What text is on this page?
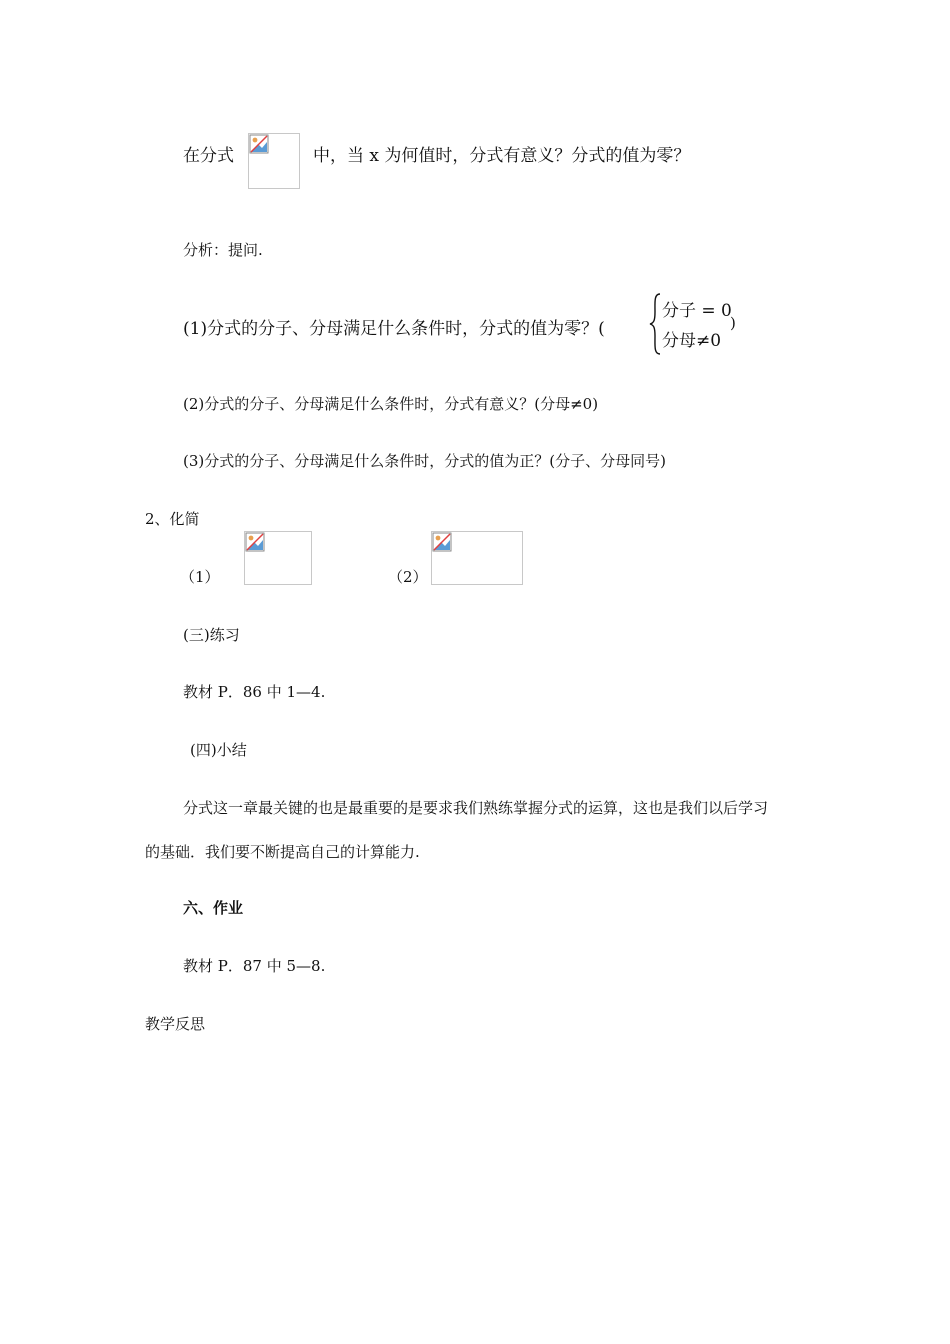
在分式	中，当 x 为何值时，分式有意义？分式的值为零？
分析：提问.
(1)分式的分子、分母满足什么条件时，分式的值为零？(
分子 = 0
分母≠0
)
(2)分式的分子、分母满足什么条件时，分式有意义？(分母≠0)
(3)分式的分子、分母满足什么条件时，分式的值为正？(分子、分母同号)
2、化简
（1）	（2）
(三)练习
教材 P．86 中 1—4.
(四)小结
分式这一章最关键的也是最重要的是要求我们熟练掌握分式的运算，这也是我们以后学习
的基础．我们要不断提高自己的计算能力.
六、作业
教材 P．87 中 5—8.
教学反思
